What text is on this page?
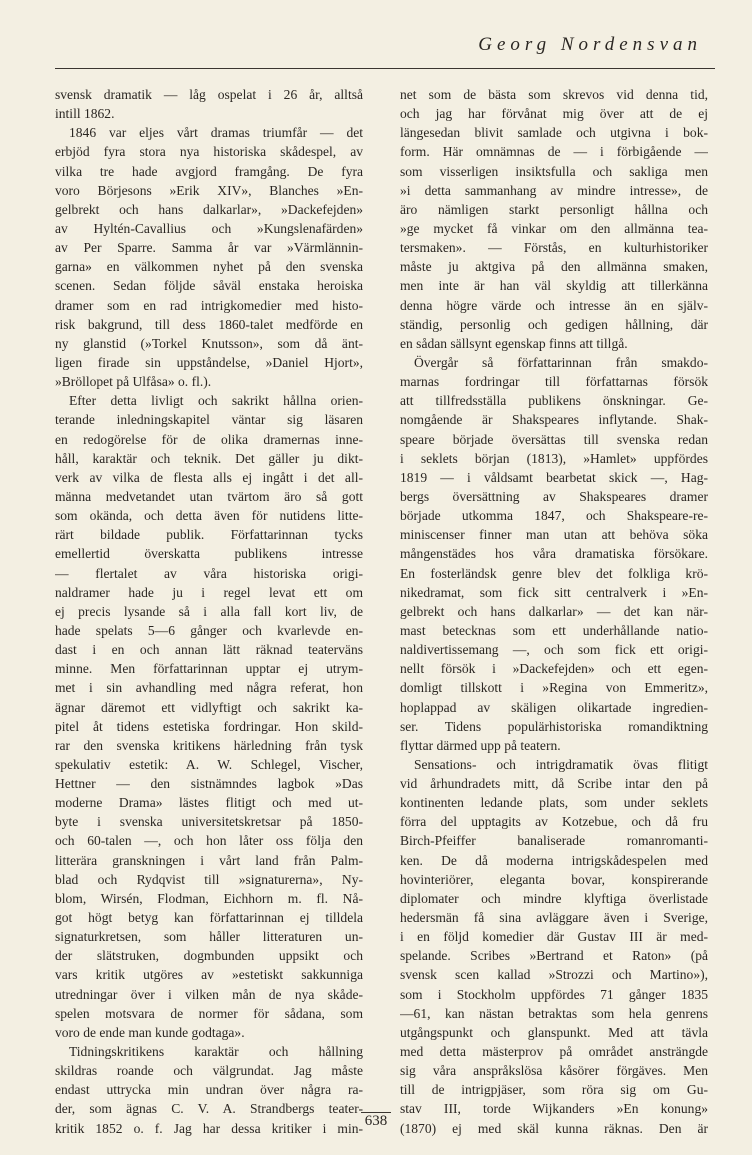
Georg Nordensvan
svensk dramatik — låg ospelat i 26 år, alltså
intill 1862.
1846 var eljes vårt dramas triumfår — det
erbjöd fyra stora nya historiska skådespel, av
vilka tre hade avgjord framgång. De fyra
voro Börjesons »Erik XIV», Blanches »En-
gelbrekt och hans dalkarlar», »Dackefejden»
av Hyltén-Cavallius och »Kungslenafärden»
av Per Sparre. Samma år var »Värmlännin-
garna» en välkommen nyhet på den svenska
scenen. Sedan följde såväl enstaka heroiska
dramer som en rad intrigkomedier med histo-
risk bakgrund, till dess 1860-talet medförde en
ny glanstid (»Torkel Knutsson», som då änt-
ligen firade sin uppståndelse, »Daniel Hjort»,
»Bröllopet på Ulfåsa» o. fl.).
Efter detta livligt och sakrikt hållna orien-
terande inledningskapitel väntar sig läsaren
en redogörelse för de olika dramernas inne-
håll, karaktär och teknik. Det gäller ju dikt-
verk av vilka de flesta alls ej ingått i det all-
männa medvetandet utan tvärtom äro så gott
som okända, och detta även för nutidens litte-
rärt bildade publik. Författarinnan tycks
emellertid överskatta publikens intresse
— flertalet av våra historiska origi-
naldramer hade ju i regel levat ett om
ej precis lysande så i alla fall kort liv, de
hade spelats 5—6 gånger och kvarlevde en-
dast i en och annan lätt räknad teaterväns
minne. Men författarinnan upptar ej utrym-
met i sin avhandling med några referat, hon
ägnar däremot ett vidlyftigt och sakrikt ka-
pitel åt tidens estetiska fordringar. Hon skild-
rar den svenska kritikens härledning från tysk
spekulativ estetik: A. W. Schlegel, Vischer,
Hettner — den sistnämndes lagbok »Das
moderne Drama» lästes flitigt och med ut-
byte i svenska universitetskretsar på 1850-
och 60-talen —, och hon låter oss följa den
litterära granskningen i vårt land från Palm-
blad och Rydqvist till »signaturerna», Ny-
blom, Wirsén, Flodman, Eichhorn m. fl. Nå-
got högt betyg kan författarinnan ej tilldela
signaturkretsen, som håller litteraturen un-
der slätstruken, dogmbunden uppsikt och
vars kritik utgöres av »estetiskt sakkunniga
utredningar över i vilken mån de nya skåde-
spelen motsvara de normer för sådana, som
voro de ende man kunde godtaga».
Tidningskritikens karaktär och hållning
skildras roande och välgrundat. Jag måste
endast uttrycka min undran över några ra-
der, som ägnas C. V. A. Strandbergs teater-
kritik 1852 o. f. Jag har dessa kritiker i min-
net som de bästa som skrevos vid denna tid,
och jag har förvånat mig över att de ej
längesedan blivit samlade och utgivna i bok-
form. Här omnämnas de — i förbigående —
som visserligen insiktsfulla och sakliga men
»i detta sammanhang av mindre intresse», de
äro nämligen starkt personligt hållna och
»ge mycket få vinkar om den allmänna tea-
tersmaken». — Förstås, en kulturhistoriker
måste ju aktgiva på den allmänna smaken,
men inte är han väl skyldig att tillerkänna
denna högre värde och intresse än en själv-
ständig, personlig och gedigen hållning, där
en sådan sällsynt egenskap finns att tillgå.
Övergår så författarinnan från smakdo-
marnas fordringar till författarnas försök
att tillfredsställa publikens önskningar. Ge-
nomgående är Shakspeares inflytande. Shak-
speare började översättas till svenska redan
i seklets början (1813), »Hamlet» uppfördes
1819 — i våldsamt bearbetat skick —, Hag-
bergs översättning av Shakspeares dramer
började utkomma 1847, och Shakspeare-re-
miniscenser finner man utan att behöva söka
mångenstädes hos våra dramatiska försökare.
En fosterländsk genre blev det folkliga krö-
nikedramat, som fick sitt centralverk i »En-
gelbrekt och hans dalkarlar» — det kan när-
mast betecknas som ett underhållande natio-
naldivertissemang —, och som fick ett origi-
nellt försök i »Dackefejden» och ett egen-
domligt tillskott i »Regina von Emmeritz»,
hoplappad av skäligen olikartade ingredien-
ser. Tidens populärhistoriska romandiktning
flyttar därmed upp på teatern.
Sensations- och intrigdramatik övas flitigt
vid århundradets mitt, då Scribe intar den på
kontinenten ledande plats, som under seklets
förra del upptagits av Kotzebue, och då fru
Birch-Pfeiffer banaliserade romanromanti-
ken. De då moderna intrigskådespelen med
hovinteriörer, eleganta bovar, konspirerande
diplomater och mindre klyftiga överlistade
hedersmän få sina avläggare även i Sverige,
i en följd komedier där Gustav III är med-
spelande. Scribes »Bertrand et Raton» (på
svensk scen kallad »Strozzi och Martino»),
som i Stockholm uppfördes 71 gånger 1835
—61, kan nästan betraktas som hela genrens
utgångspunkt och glanspunkt. Med att tävla
med detta mästerprov på området ansträngde
sig våra anspråkslösa kåsörer förgäves. Men
till de intrigpjäser, som röra sig om Gu-
stav III, torde Wijkanders »En konung»
(1870) ej med skäl kunna räknas. Den är
638
